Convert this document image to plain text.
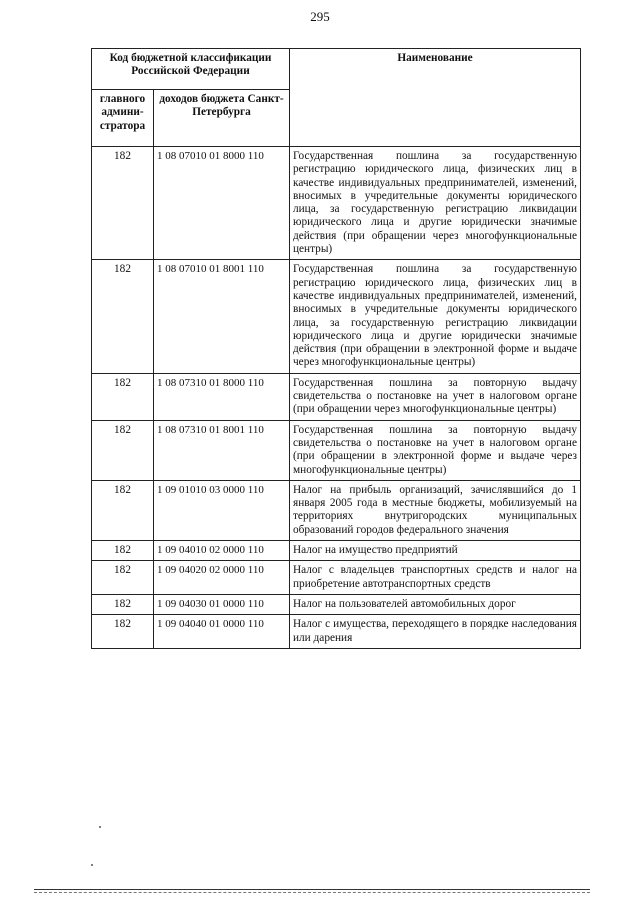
295
Код бюджетной классификации Российской Федерации		Наименование
главного админи-стратора	доходов бюджета Санкт-Петербурга	
182	1 08 07010 01 8000 110	Государственная пошлина за государственную регистрацию юридического лица, физических лиц в качестве индивидуальных предпринимателей, изменений, вносимых в учредительные документы юридического лица, за государственную регистрацию ликвидации юридического лица и другие юридически значимые действия (при обращении через многофункциональные центры)
182	1 08 07010 01 8001 110	Государственная пошлина за государственную регистрацию юридического лица, физических лиц в качестве индивидуальных предпринимателей, изменений, вносимых в учредительные документы юридического лица, за государственную регистрацию ликвидации юридического лица и другие юридически значимые действия (при обращении в электронной форме и выдаче через многофункциональные центры)
182	1 08 07310 01 8000 110	Государственная пошлина за повторную выдачу свидетельства о постановке на учет в налоговом органе (при обращении через многофункциональные центры)
182	1 08 07310 01 8001 110	Государственная пошлина за повторную выдачу свидетельства о постановке на учет в налоговом органе (при обращении в электронной форме и выдаче через многофункциональные центры)
182	1 09 01010 03 0000 110	Налог на прибыль организаций, зачислявшийся до 1 января 2005 года в местные бюджеты, мобилизуемый на территориях внутригородских муниципальных образований городов федерального значения
182	1 09 04010 02 0000 110	Налог на имущество предприятий
182	1 09 04020 02 0000 110	Налог с владельцев транспортных средств и налог на приобретение автотранспортных средств
182	1 09 04030 01 0000 110	Налог на пользователей автомобильных дорог
182	1 09 04040 01 0000 110	Налог с имущества, переходящего в порядке наследования или дарения
